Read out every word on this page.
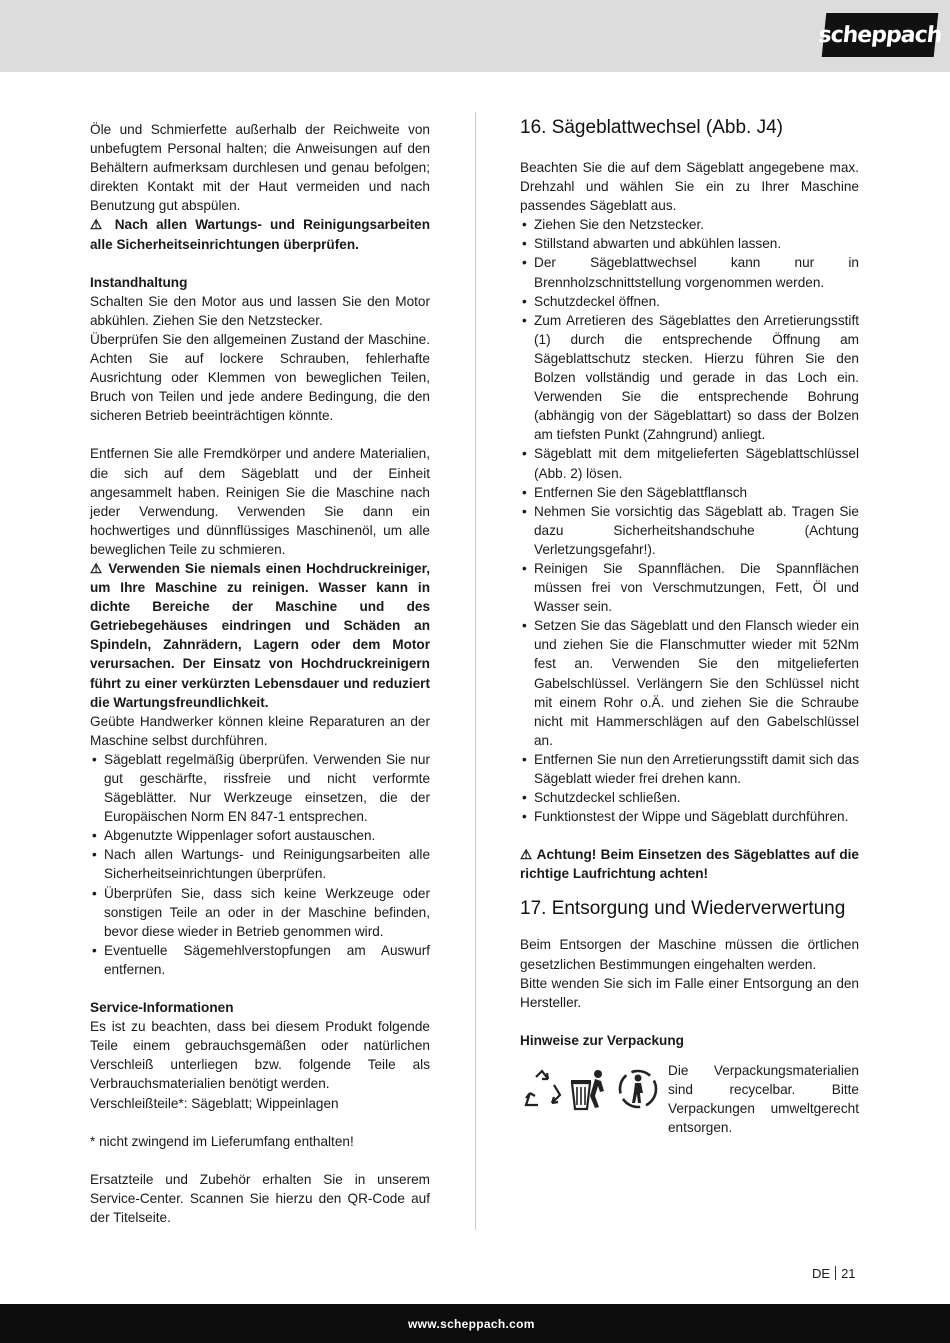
scheppach

Öle und Schmierfette außerhalb der Reichweite von unbefugtem Personal halten; die Anweisungen auf den Behältern aufmerksam durchlesen und genau befolgen; direkten Kontakt mit der Haut vermeiden und nach Benutzung gut abspülen.

⚠ Nach allen Wartungs- und Reinigungsarbeiten alle Sicherheitseinrichtungen überprüfen.

Instandhaltung

Schalten Sie den Motor aus und lassen Sie den Motor abkühlen. Ziehen Sie den Netzstecker.

Überprüfen Sie den allgemeinen Zustand der Maschine. Achten Sie auf lockere Schrauben, fehlerhafte Ausrichtung oder Klemmen von beweglichen Teilen, Bruch von Teilen und jede andere Bedingung, die den sicheren Betrieb beeinträchtigen könnte.

Entfernen Sie alle Fremdkörper und andere Materialien, die sich auf dem Sägeblatt und der Einheit angesammelt haben. Reinigen Sie die Maschine nach jeder Verwendung. Verwenden Sie dann ein hochwertiges und dünnflüssiges Maschinenöl, um alle beweglichen Teile zu schmieren.

⚠ Verwenden Sie niemals einen Hochdruckreiniger, um Ihre Maschine zu reinigen. Wasser kann in dichte Bereiche der Maschine und des Getriebegehäuses eindringen und Schäden an Spindeln, Zahnrädern, Lagern oder dem Motor verursachen. Der Einsatz von Hochdruckreinigern führt zu einer verkürzten Lebensdauer und reduziert die Wartungsfreundlichkeit.

Geübte Handwerker können kleine Reparaturen an der Maschine selbst durchführen.

• Sägeblatt regelmäßig überprüfen. Verwenden Sie nur gut geschärfte, rissfreie und nicht verformte Sägeblätter. Nur Werkzeuge einsetzen, die der Europäischen Norm EN 847-1 entsprechen.
• Abgenutzte Wippenlager sofort austauschen.
• Nach allen Wartungs- und Reinigungsarbeiten alle Sicherheitseinrichtungen überprüfen.
• Überprüfen Sie, dass sich keine Werkzeuge oder sonstigen Teile an oder in der Maschine befinden, bevor diese wieder in Betrieb genommen wird.
• Eventuelle Sägemehlverstopfungen am Auswurf entfernen.

Service-Informationen

Es ist zu beachten, dass bei diesem Produkt folgende Teile einem gebrauchsgemäßen oder natürlichen Verschleiß unterliegen bzw. folgende Teile als Verbrauchsmaterialien benötigt werden.

Verschleißteile*: Sägeblatt; Wippeinlagen

* nicht zwingend im Lieferumfang enthalten!

Ersatzteile und Zubehör erhalten Sie in unserem Service-Center. Scannen Sie hierzu den QR-Code auf der Titelseite.

16. Sägeblattwechsel (Abb. J4)

Beachten Sie die auf dem Sägeblatt angegebene max. Drehzahl und wählen Sie ein zu Ihrer Maschine passendes Sägeblatt aus.

• Ziehen Sie den Netzstecker.
• Stillstand abwarten und abkühlen lassen.
• Der Sägeblattwechsel kann nur in Brennholzschnittstellung vorgenommen werden.
• Schutzdeckel öffnen.
• Zum Arretieren des Sägeblattes den Arretierungsstift (1) durch die entsprechende Öffnung am Sägeblattschutz stecken. Hierzu führen Sie den Bolzen vollständig und gerade in das Loch ein. Verwenden Sie die entsprechende Bohrung (abhängig von der Sägeblattart) so dass der Bolzen am tiefsten Punkt (Zahngrund) anliegt.
• Sägeblatt mit dem mitgelieferten Sägeblattschlüssel (Abb. 2) lösen.
• Entfernen Sie den Sägeblattflansch
• Nehmen Sie vorsichtig das Sägeblatt ab. Tragen Sie dazu Sicherheitshandschuhe (Achtung Verletzungsgefahr!).
• Reinigen Sie Spannflächen. Die Spannflächen müssen frei von Verschmutzungen, Fett, Öl und Wasser sein.
• Setzen Sie das Sägeblatt und den Flansch wieder ein und ziehen Sie die Flanschmutter wieder mit 52Nm fest an. Verwenden Sie den mitgelieferten Gabelschlüssel. Verlängern Sie den Schlüssel nicht mit einem Rohr o.Ä. und ziehen Sie die Schraube nicht mit Hammerschlägen auf den Gabelschlüssel an.
• Entfernen Sie nun den Arretierungsstift damit sich das Sägeblatt wieder frei drehen kann.
• Schutzdeckel schließen.
• Funktionstest der Wippe und Sägeblatt durchführen.

⚠ Achtung! Beim Einsetzen des Sägeblattes auf die richtige Laufrichtung achten!

17. Entsorgung und Wiederverwertung

Beim Entsorgen der Maschine müssen die örtlichen gesetzlichen Bestimmungen eingehalten werden.

Bitte wenden Sie sich im Falle einer Entsorgung an den Hersteller.

Hinweise zur Verpackung

Die Verpackungsmaterialien sind recycelbar. Bitte Verpackungen umweltgerecht entsorgen.

DE 21
www.scheppach.com
